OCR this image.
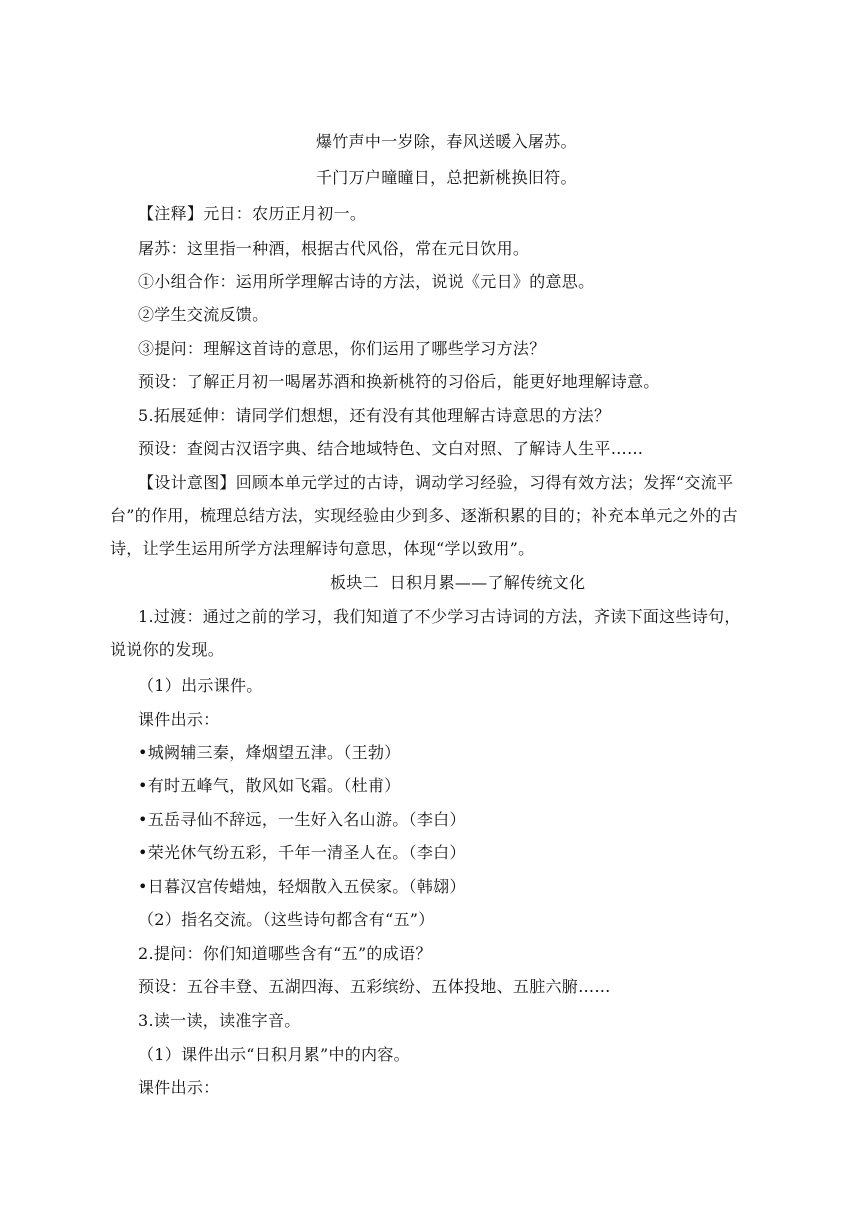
爆竹声中一岁除，春风送暖入屠苏。
千门万户曈曈日，总把新桃换旧符。
【注释】元日：农历正月初一。
屠苏：这里指一种酒，根据古代风俗，常在元日饮用。
①小组合作：运用所学理解古诗的方法，说说《元日》的意思。
②学生交流反馈。
③提问：理解这首诗的意思，你们运用了哪些学习方法？
预设：了解正月初一喝屠苏酒和换新桃符的习俗后，能更好地理解诗意。
5.拓展延伸：请同学们想想，还有没有其他理解古诗意思的方法？
预设：查阅古汉语字典、结合地域特色、文白对照、了解诗人生平……
【设计意图】回顾本单元学过的古诗，调动学习经验，习得有效方法；发挥“交流平
台”的作用，梳理总结方法，实现经验由少到多、逐渐积累的目的；补充本单元之外的古
诗，让学生运用所学方法理解诗句意思，体现“学以致用”。
板块二  日积月累——了解传统文化
1.过渡：通过之前的学习，我们知道了不少学习古诗词的方法，齐读下面这些诗句，
说说你的发现。
（1）出示课件。
课件出示：
•城阙辅三秦，烽烟望五津。（王勃）
•有时五峰气，散风如飞霜。（杜甫）
•五岳寻仙不辞远，一生好入名山游。（李白）
•荣光休气纷五彩，千年一清圣人在。（李白）
•日暮汉宫传蜡烛，轻烟散入五侯家。（韩翃）
（2）指名交流。（这些诗句都含有“五”）
2.提问：你们知道哪些含有“五”的成语？
预设：五谷丰登、五湖四海、五彩缤纷、五体投地、五脏六腑……
3.读一读，读准字音。
（1）课件出示“日积月累”中的内容。
课件出示：
